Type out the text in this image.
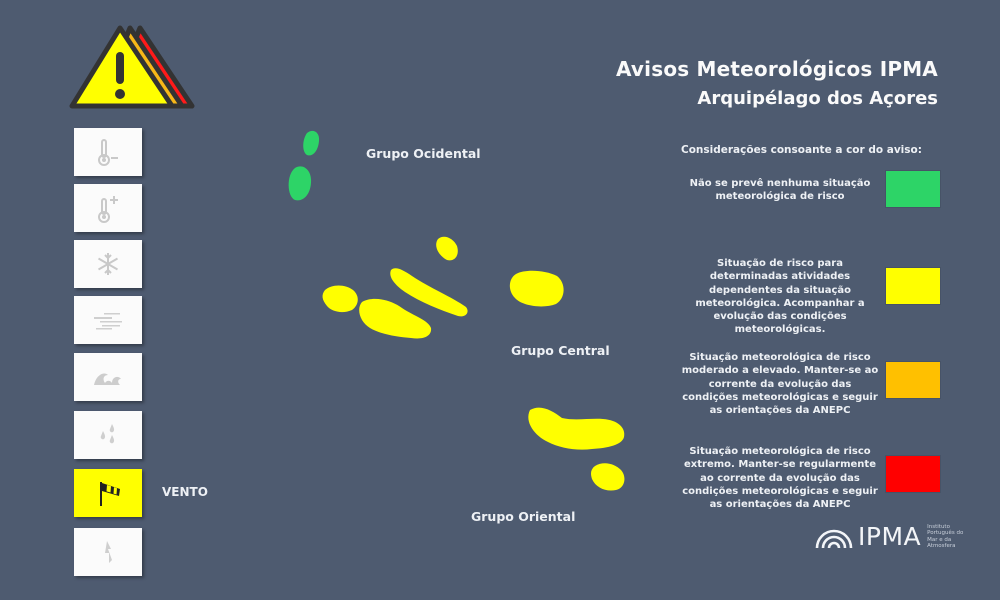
VENTO
Avisos Meteorológicos IPMA
Arquipélago dos Açores
Grupo Ocidental
Grupo Central
Grupo Oriental
Considerações consoante a cor do aviso:
Não se prevê nenhuma situação meteorológica de risco
Situação de risco para determinadas atividades dependentes da situação meteorológica. Acompanhar a evolução das condições meteorológicas.
Situação meteorológica de risco moderado a elevado. Manter-se ao corrente da evolução das condições meteorológicas e seguir as orientações da ANEPC
Situação meteorológica de risco extremo. Manter-se regularmente ao corrente da evolução das condições meteorológicas e seguir as orientações da ANEPC
IPMA Instituto Português do Mar e da Atmosfera
